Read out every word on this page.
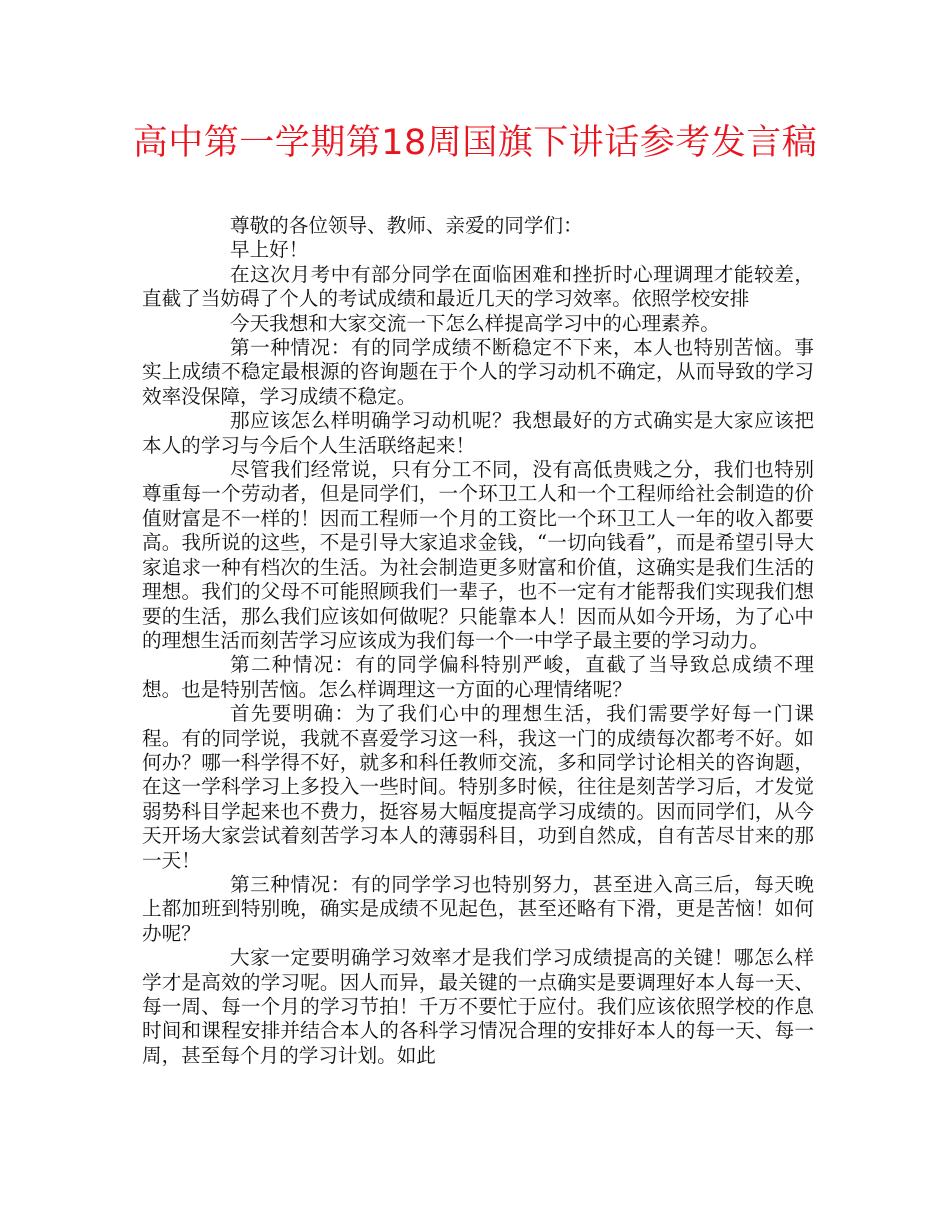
高中第一学期第18周国旗下讲话参考发言稿

尊敬的各位领导、教师、亲爱的同学们：

早上好！

在这次月考中有部分同学在面临困难和挫折时心理调理才能较差，直截了当妨碍了个人的考试成绩和最近几天的学习效率。依照学校安排

今天我想和大家交流一下怎么样提高学习中的心理素养。

第一种情况：有的同学成绩不断稳定不下来，本人也特别苦恼。事实上成绩不稳定最根源的咨询题在于个人的学习动机不确定，从而导致的学习效率没保障，学习成绩不稳定。

那应该怎么样明确学习动机呢？我想最好的方式确实是大家应该把本人的学习与今后个人生活联络起来！

尽管我们经常说，只有分工不同，没有高低贵贱之分，我们也特别尊重每一个劳动者，但是同学们，一个环卫工人和一个工程师给社会制造的价值财富是不一样的！因而工程师一个月的工资比一个环卫工人一年的收入都要高。我所说的这些，不是引导大家追求金钱，“一切向钱看”，而是希望引导大家追求一种有档次的生活。为社会制造更多财富和价值，这确实是我们生活的理想。我们的父母不可能照顾我们一辈子，也不一定有才能帮我们实现我们想要的生活，那么我们应该如何做呢？只能靠本人！因而从如今开场，为了心中的理想生活而刻苦学习应该成为我们每一个一中学子最主要的学习动力。

第二种情况：有的同学偏科特别严峻，直截了当导致总成绩不理想。也是特别苦恼。怎么样调理这一方面的心理情绪呢？

首先要明确：为了我们心中的理想生活，我们需要学好每一门课程。有的同学说，我就不喜爱学习这一科，我这一门的成绩每次都考不好。如何办？哪一科学得不好，就多和科任教师交流，多和同学讨论相关的咨询题，在这一学科学习上多投入一些时间。特别多时候，往往是刻苦学习后，才发觉弱势科目学起来也不费力，挺容易大幅度提高学习成绩的。因而同学们，从今天开场大家尝试着刻苦学习本人的薄弱科目，功到自然成，自有苦尽甘来的那一天！

第三种情况：有的同学学习也特别努力，甚至进入高三后，每天晚上都加班到特别晚，确实是成绩不见起色，甚至还略有下滑，更是苦恼！如何办呢？

大家一定要明确学习效率才是我们学习成绩提高的关键！哪怎么样学才是高效的学习呢。因人而异，最关键的一点确实是要调理好本人每一天、每一周、每一个月的学习节拍！千万不要忙于应付。我们应该依照学校的作息时间和课程安排并结合本人的各科学习情况合理的安排好本人的每一天、每一周，甚至每个月的学习计划。如此
